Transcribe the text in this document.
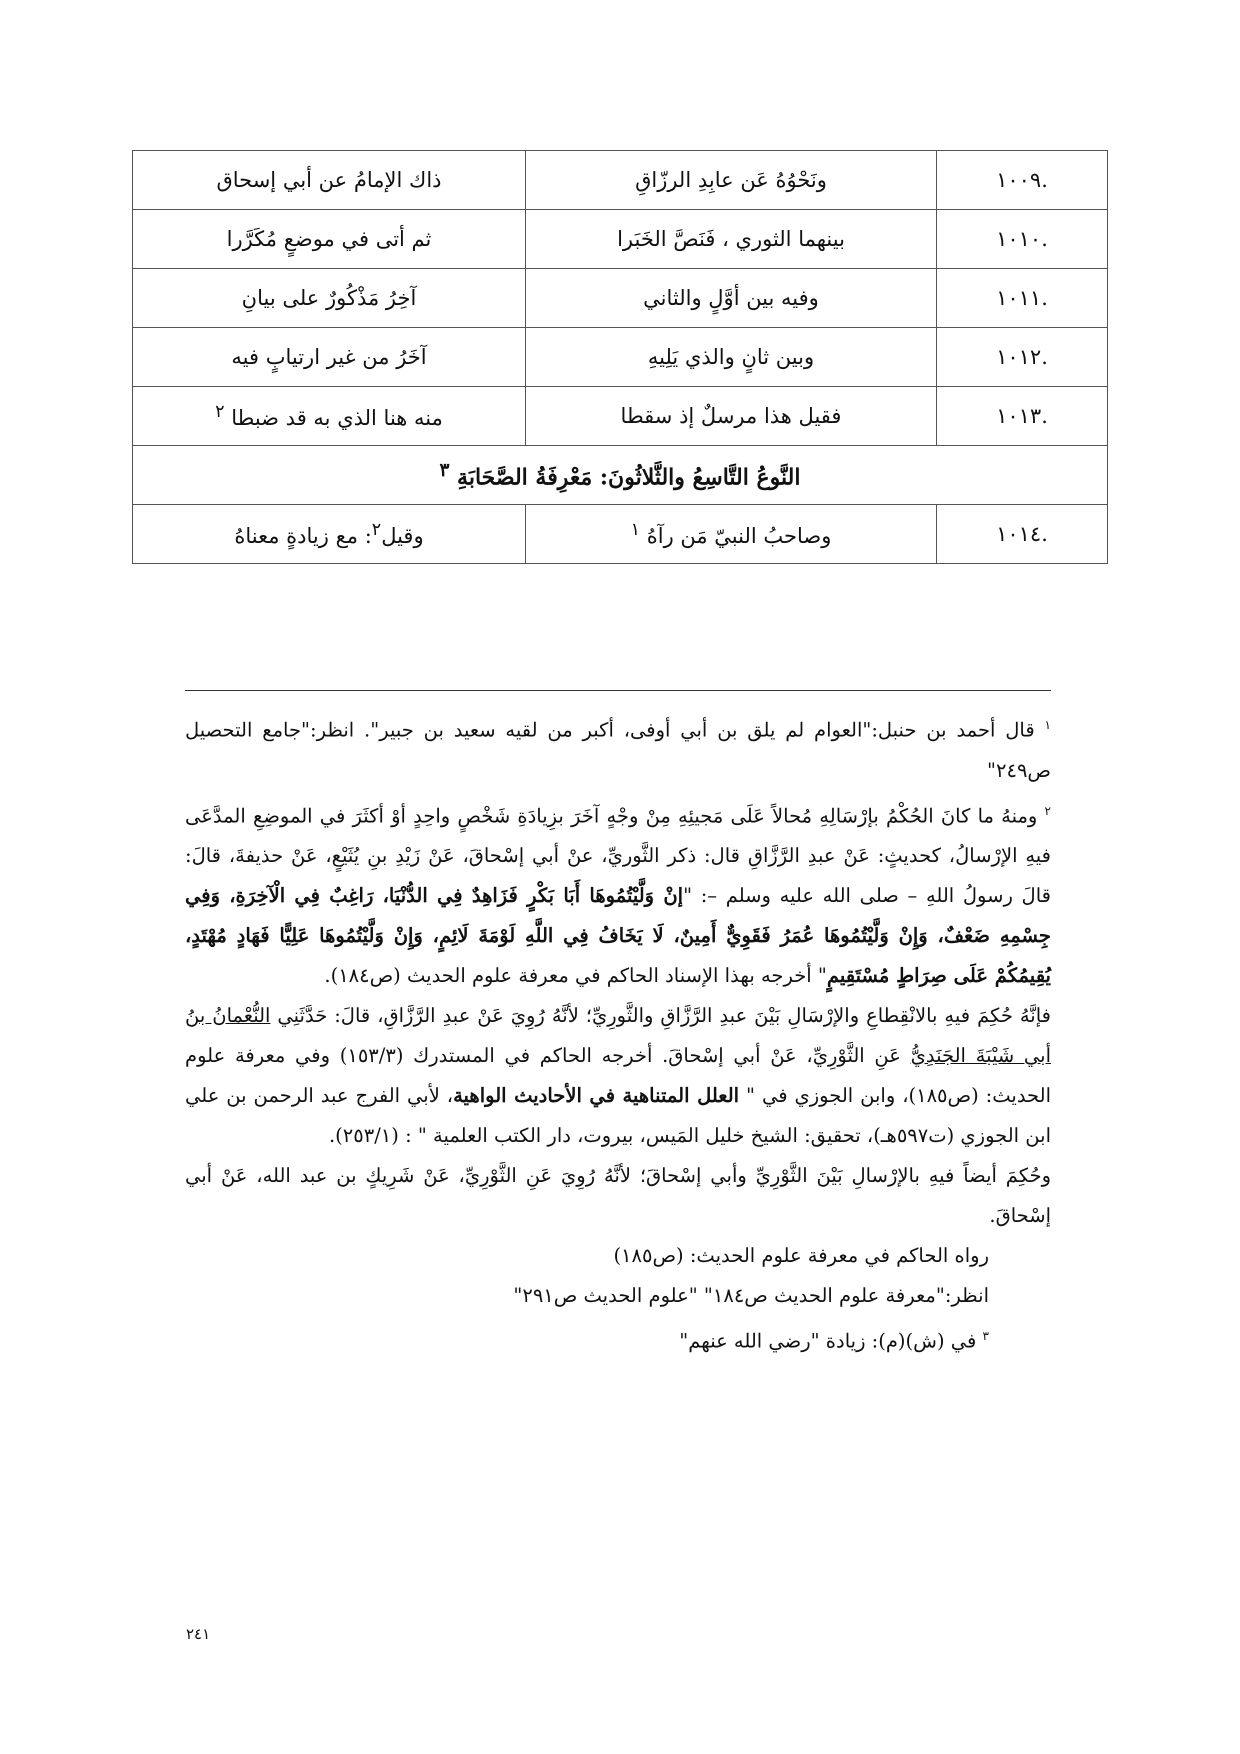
.١٠٠٩	ونَحْوُهُ عَن عابِدِ الرزّاقِ	ذاك الإمامُ عن أبي إسحاق
.١٠١٠	بينهما الثوري ، فَنَصَّ الخَبَرا	ثم أتى في موضعٍ مُكَرَّرا
.١٠١١	وفيه بين أوَّلٍ والثاني	آخِرُ مَذْكُورٌ على بيانِ
.١٠١٢	وبين ثانٍ والذي يَلِيهِ	آخَرُ من غير ارتيابٍ فيه
.١٠١٣	فقيل هذا مرسلٌ إذ سقطا	منه هنا الذي به قد ضبطا $^٢$
النَّوعُ التَّاسِعُ والثَّلاثُونَ: مَعْرِفَةُ الصَّحَابَةِ $^٣$
.١٠١٤	وصاحبُ النبيّ مَن رآهُ $^١$	وقيل$^٢$: مع زيادةٍ معناهُ

$^١$ قال أحمد بن حنبل:"العوام لم يلق بن أبي أوفى، أكبر من لقيه سعيد بن جبير". انظر:"جامع التحصيل ص٢٤٩"

$^٢$ ومنهُ ما كانَ الحُكْمُ بإرْسَالِهِ مُحالاً عَلَى مَجيئِهِ مِنْ وجْهٍ آخَرَ بزِيادَةِ شَخْصٍ واحِدٍ أوْ أكثَرَ في الموضِعِ المدَّعَى فيهِ الإرْسالُ، كحديثٍ: عَنْ عبدِ الرَّزَّاقِ قال: ذكر الثَّوريِّ، عنْ أبي إسْحاقَ، عَنْ زَيْدِ بنِ يُثَيْعٍ، عَنْ حذيفةَ، قالَ: قالَ رسولُ اللهِ – صلى الله عليه وسلم –: "إنْ وَلَّيْتُمُوهَا أَبَا بَكْرٍ فَزَاهِدٌ فِي الدُّنْيَا، رَاغِبٌ فِي الْآخِرَةِ، وَفِي جِسْمِهِ ضَعْفٌ، وَإِنْ وَلَّيْتُمُوهَا عُمَرُ فَقَوِيٌّ أَمِينٌ، لَا يَخَافُ فِي اللَّهِ لَوْمَةَ لَائِمٍ، وَإِنْ وَلَّيْتُمُوهَا عَلِيًّا فَهَادٍ مُهْتَدٍ، يُقِيمُكُمْ عَلَى صِرَاطٍ مُسْتَقِيمٍ" أخرجه بهذا الإسناد الحاكم في معرفة علوم الحديث (ص١٨٤).

فإنَّهُ حُكِمَ فيهِ بالانْقِطاعِ والإرْسَالِ بَيْنَ عبدِ الرَّزَّاقِ والثَّورِيِّ؛ لأنَّهُ رُوِيَ عَنْ عبدِ الرَّزَّاقِ، قالَ: حَدَّثَنِي النُّعْمانُ بنُ أبي شَيْبَةَ الجَنَدِيُّ عَنِ الثَّوْرِيِّ، عَنْ أبي إسْحاقَ. أخرجه الحاكم في المستدرك (١٥٣/٣) وفي معرفة علوم الحديث: (ص١٨٥)، وابن الجوزي في " العلل المتناهية في الأحاديث الواهية، لأبي الفرج عبد الرحمن بن علي ابن الجوزي (ت٥٩٧هـ)، تحقيق: الشيخ خليل المَيس، بيروت، دار الكتب العلمية " : (٢٥٣/١).

وحُكِمَ أيضاً فيهِ بالإرْسالِ بَيْنَ الثَّوْرِيِّ وأبي إسْحاقَ؛ لأنَّهُ رُوِيَ عَنِ الثَّوْرِيِّ، عَنْ شَرِيكٍ بن عبد الله، عَنْ أبي إسْحاقَ.

رواه الحاكم في معرفة علوم الحديث: (ص١٨٥)

انظر:"معرفة علوم الحديث ص١٨٤" "علوم الحديث ص٢٩١"

$^٣$ في (ش)(م): زيادة "رضي الله عنهم"

٢٤١
